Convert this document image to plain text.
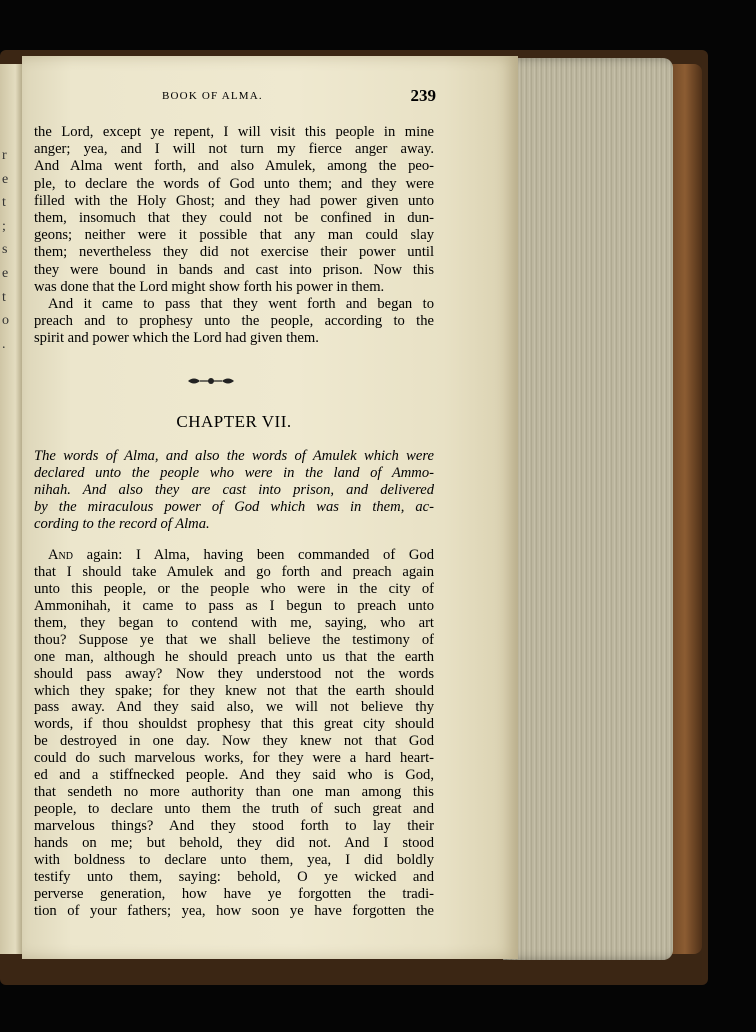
r
e
t
;
s
e
t
o
.
BOOK OF ALMA.	239
the Lord, except ye repent, I will visit this people in mine
anger; yea, and I will not turn my fierce anger away.
And Alma went forth, and also Amulek, among the peo-
ple, to declare the words of God unto them; and they were
filled with the Holy Ghost; and they had power given unto
them, insomuch that they could not be confined in dun-
geons; neither were it possible that any man could slay
them; nevertheless they did not exercise their power until
they were bound in bands and cast into prison. Now this
was done that the Lord might show forth his power in them.
And it came to pass that they went forth and began to
preach and to prophesy unto the people, according to the
spirit and power which the Lord had given them.
CHAPTER VII.
The words of Alma, and also the words of Amulek which were
declared unto the people who were in the land of Ammo-
nihah. And also they are cast into prison, and delivered
by the miraculous power of God which was in them, ac-
cording to the record of Alma.
And again: I Alma, having been commanded of God
that I should take Amulek and go forth and preach again
unto this people, or the people who were in the city of
Ammonihah, it came to pass as I begun to preach unto
them, they began to contend with me, saying, who art
thou? Suppose ye that we shall believe the testimony of
one man, although he should preach unto us that the earth
should pass away? Now they understood not the words
which they spake; for they knew not that the earth should
pass away. And they said also, we will not believe thy
words, if thou shouldst prophesy that this great city should
be destroyed in one day. Now they knew not that God
could do such marvelous works, for they were a hard heart-
ed and a stiffnecked people. And they said who is God,
that sendeth no more authority than one man among this
people, to declare unto them the truth of such great and
marvelous things? And they stood forth to lay their
hands on me; but behold, they did not. And I stood
with boldness to declare unto them, yea, I did boldly
testify unto them, saying: behold, O ye wicked and
perverse generation, how have ye forgotten the tradi-
tion of your fathers; yea, how soon ye have forgotten the
